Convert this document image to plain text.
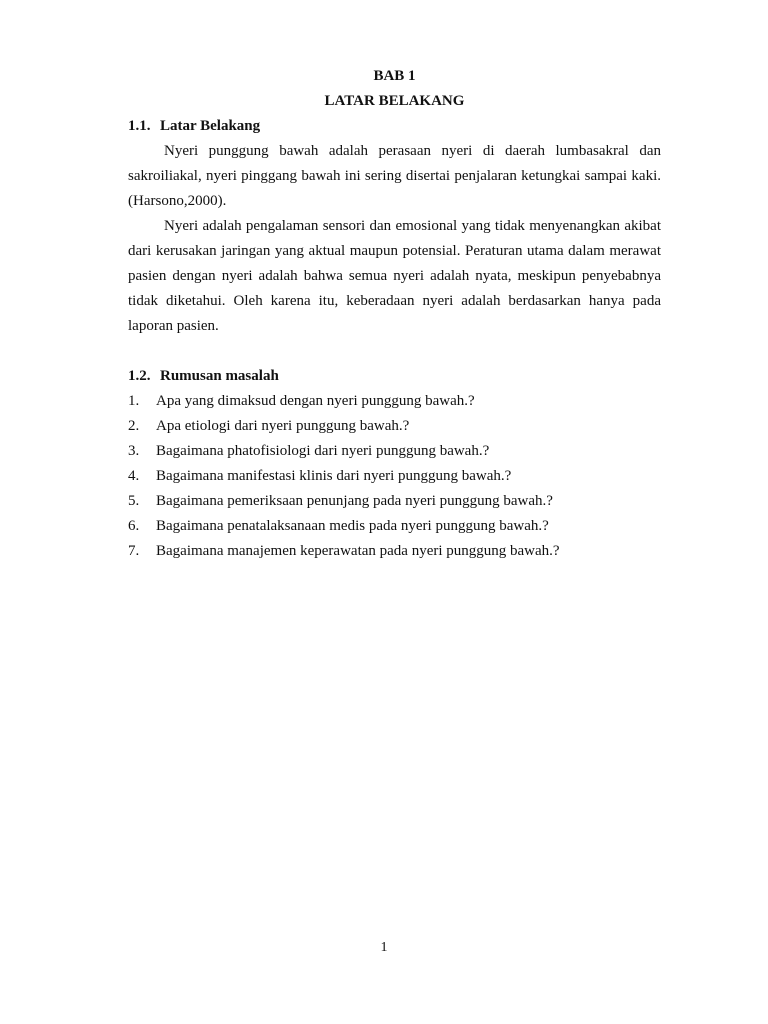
BAB 1

LATAR BELAKANG

1.1. Latar Belakang

Nyeri punggung bawah adalah perasaan nyeri di daerah lumbasakral dan sakroiliakal, nyeri pinggang bawah ini sering disertai penjalaran ketungkai sampai kaki. (Harsono,2000).

Nyeri adalah pengalaman sensori dan emosional yang tidak menyenangkan akibat dari kerusakan jaringan yang aktual maupun potensial. Peraturan utama dalam merawat pasien dengan nyeri adalah bahwa semua nyeri adalah nyata, meskipun penyebabnya tidak diketahui. Oleh karena itu, keberadaan nyeri adalah berdasarkan hanya pada laporan pasien.

1.2. Rumusan masalah
1.	Apa yang dimaksud dengan nyeri punggung bawah.?
2.	Apa etiologi dari nyeri punggung bawah.?
3.	Bagaimana phatofisiologi dari nyeri punggung bawah.?
4.	Bagaimana manifestasi klinis dari nyeri punggung bawah.?
5.	Bagaimana pemeriksaan penunjang pada nyeri punggung bawah.?
6.	Bagaimana penatalaksanaan medis pada nyeri punggung bawah.?
7.	Bagaimana manajemen keperawatan pada nyeri punggung bawah.?
1
